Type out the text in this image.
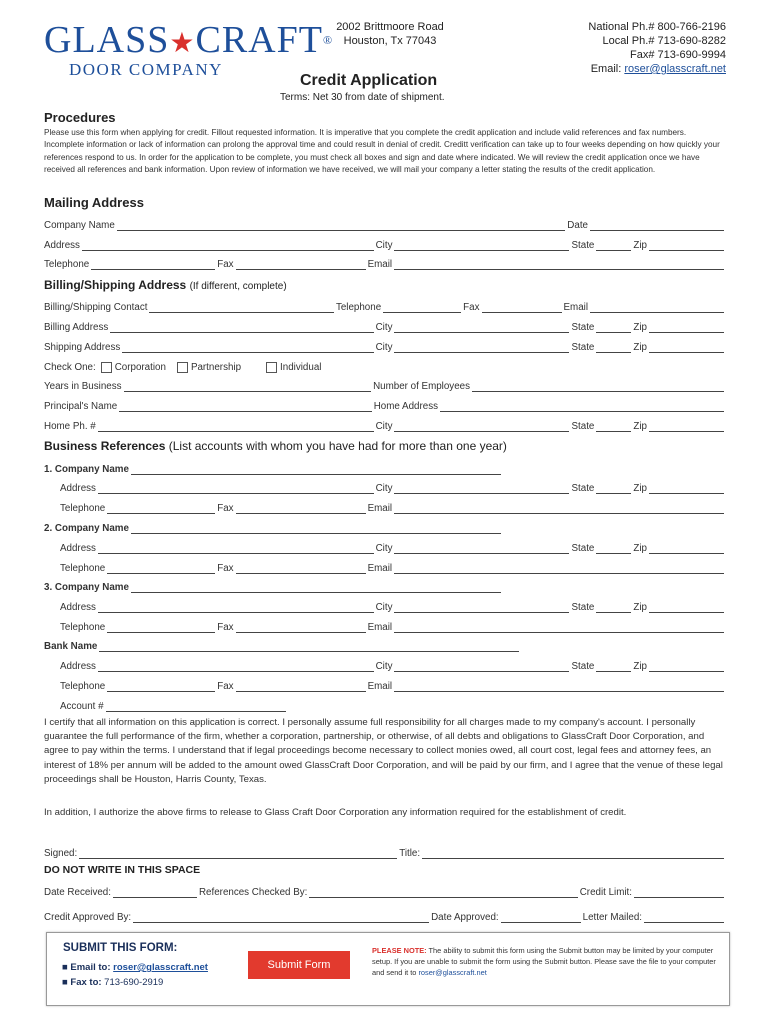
GLASS★CRAFT®
DOOR COMPANY
2002 Brittmoore Road
Houston, Tx 77043
National Ph.# 800-766-2196
Local Ph.# 713-690-8282
Fax# 713-690-9994
Email: roser@glasscraft.net
Credit Application
Terms: Net 30 from date of shipment.
Procedures
Please use this form when applying for credit. Fillout requested information. It is imperative that you complete the credit application and include valid references and fax numbers. Incomplete information or lack of information can prolong the approval time and could result in denial of credit. Creditt verification can take up to four weeks depending on how quickly your references respond to us. In order for the application to be complete, you must check all boxes and sign and date where indicated. We will review the credit application once we have received all references and bank information. Upon review of information we have received, we will mail your company a letter stating the results of the credit application.
Mailing Address
Company Name	Date
Address	City	State	Zip
Telephone	Fax	Email
Billing/Shipping Address (If different, complete)
Billing/Shipping Contact	Telephone	Fax	Email
Billing Address	City	State	Zip
Shipping Address	City	State	Zip
Check One: Corporation	Partnership	Individual
Years in Business	Number of Employees
Principal's Name	Home Address
Home Ph. #	City	State	Zip
Business References (List accounts with whom you have had for more than one year)
1. Company Name
Address	City	State	Zip
Telephone	Fax	Email
2. Company Name
Address	City	State	Zip
Telephone	Fax	Email
3. Company Name
Address	City	State	Zip
Telephone	Fax	Email
Bank Name
Address	City	State	Zip
Telephone	Fax	Email
Account #
I certify that all information on this application is correct. I personally assume full responsibility for all charges made to my company's account. I personally guarantee the full performance of the firm, whether a corporation, partnership, or otherwise, of all debts and obligations to GlassCraft Door Corporation, and agree to pay within the terms. I understand that if legal proceedings become necessary to collect monies owed, all court cost, legal fees and attorney fees, an interest of 18% per annum will be added to the amount owed GlassCraft Door Corporation, and will be paid by our firm, and I agree that the venue of these legal proceedings shall be Houston, Harris County, Texas.
In addition, I authorize the above firms to release to Glass Craft Door Corporation any information required for the establishment of credit.
Signed:	Title:
DO NOT WRITE IN THIS SPACE
Date Received:	References Checked By:	Credit Limit:
Credit Approved By:	Date Approved:	Letter Mailed:
SUBMIT THIS FORM:
■ Email to: roser@glasscraft.net
■ Fax to: 713-690-2919
Submit Form
PLEASE NOTE: The ability to submit this form using the Submit button may be limited by your computer setup. If you are unable to submit the form using the Submit button. Please save the file to your computer and send it to roser@glasscraft.net
